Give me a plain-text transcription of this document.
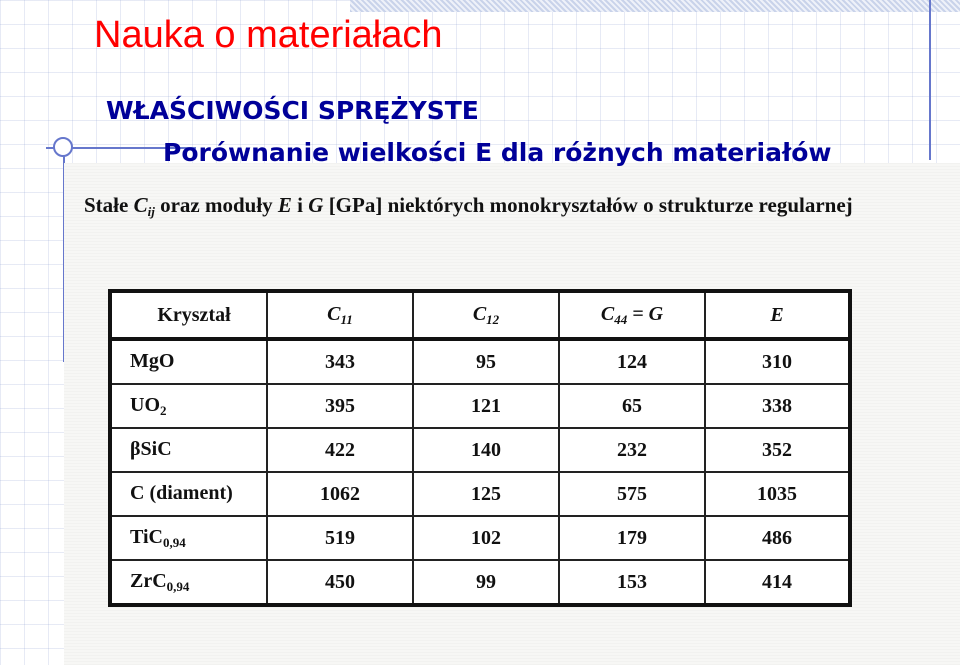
Nauka o materiałach
WŁAŚCIWOŚCI SPRĘŻYSTE
Stałe $C_{ij}$ oraz moduły E i G [GPa] niektórych monokryształów o strukturze regularnej
Kryształ	$C_{11}$	$C_{12}$	$C_{44} = G$	E
MgO	343	95	124	310
$UO_2$	395	121	65	338
βSiC	422	140	232	352
C (diament)	1062	125	575	1035
TiC$_{0,94}$	519	102	179	486
ZrC$_{0,94}$	450	99	153	414
Porównanie wielkości E dla różnych materiałów
